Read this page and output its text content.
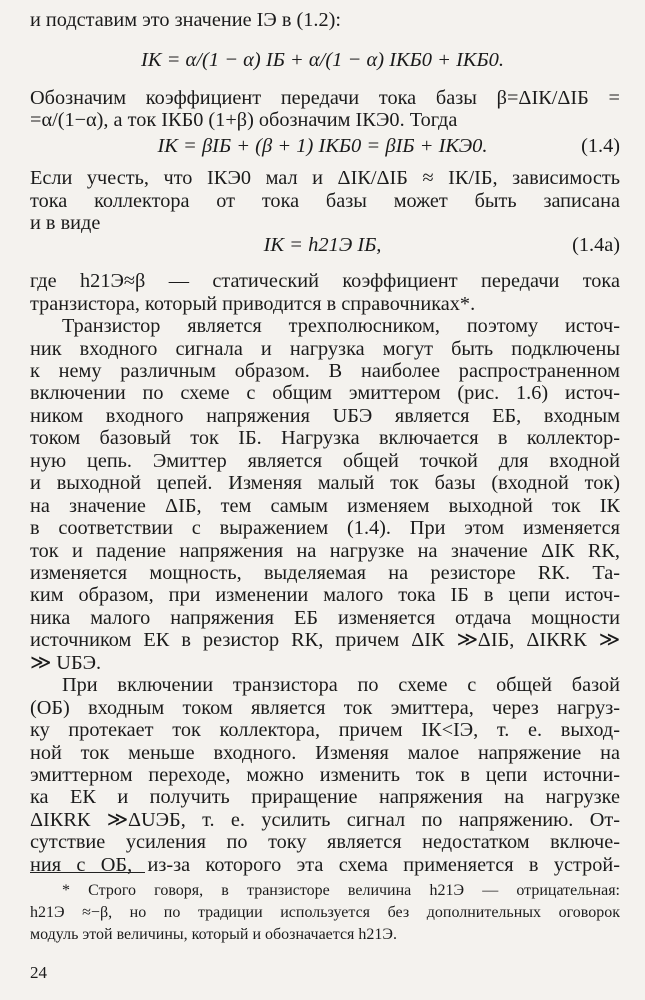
и подставим это значение IЭ в (1.2):
IК = α/(1 − α) IБ + α/(1 − α) IКБ0 + IКБ0.
Обозначим коэффициент передачи тока базы β=ΔIК/ΔIБ =
=α/(1−α), а ток IКБ0 (1+β) обозначим IКЭ0. Тогда
IК = βIБ + (β + 1) IКБ0 = βIБ + IКЭ0.	(1.4)
Если учесть, что IКЭ0 мал и ΔIК/ΔIБ ≈ IК/IБ, зависимость
тока коллектора от тока базы может быть записана
и в виде
IК = h21Э IБ,	(1.4a)
где h21Э≈β — статический коэффициент передачи тока
транзистора, который приводится в справочниках*.
Транзистор является трехполюсником, поэтому источ-
ник входного сигнала и нагрузка могут быть подключены
к нему различным образом. В наиболее распространенном
включении по схеме с общим эмиттером (рис. 1.6) источ-
ником входного напряжения UБЭ является EБ, входным
током базовый ток IБ. Нагрузка включается в коллектор-
ную цепь. Эмиттер является общей точкой для входной
и выходной цепей. Изменяя малый ток базы (входной ток)
на значение ΔIБ, тем самым изменяем выходной ток IК
в соответствии с выражением (1.4). При этом изменяется
ток и падение напряжения на нагрузке на значение ΔIК RК,
изменяется мощность, выделяемая на резисторе RК. Та-
ким образом, при изменении малого тока IБ в цепи источ-
ника малого напряжения EБ изменяется отдача мощности
источником EК в резистор RК, причем ΔIК ≫ΔIБ, ΔIКRК ≫
≫ UБЭ.
При включении транзистора по схеме с общей базой
(ОБ) входным током является ток эмиттера, через нагруз-
ку протекает ток коллектора, причем IК<IЭ, т. е. выход-
ной ток меньше входного. Изменяя малое напряжение на
эмиттерном переходе, можно изменить ток в цепи источни-
ка EК и получить приращение напряжения на нагрузке
ΔIКRК ≫ΔUЭБ, т. е. усилить сигнал по напряжению. От-
сутствие усиления по току является недостатком включе-
ния с ОБ, из-за которого эта схема применяется в устрой-
* Строго говоря, в транзисторе величина h21Э — отрицательная:
h21Э ≈−β, но по традиции используется без дополнительных оговорок
24
модуль этой величины, который и обозначается h21Э.
